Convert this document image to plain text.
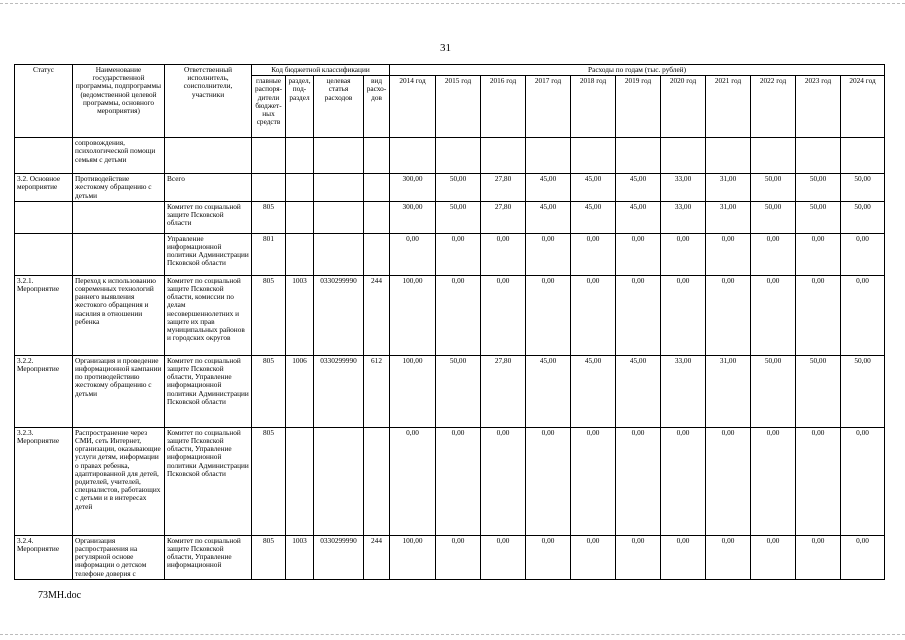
31
Статус	Наименование государственной программы, подпрограммы (ведомственной целевой программы, основного мероприятия)	Ответственный исполнитель, соисполнители, участники	Код бюджетной классификации				Расходы по годам (тыс. рублей)										
			главные распоря-дители бюджет-ных средств	раздел, под-раздел	целевая статья расходов	вид расхо-дов	2014 год	2015 год	2016 год	2017 год	2018 год	2019 год	2020 год	2021 год	2022 год	2023 год	2024 год
	сопровождения, психологической помощи семьям с детьми																
3.2. Основное мероприятие	Противодействие жестокому обращению с детьми	Всего					300,00	50,00	27,80	45,00	45,00	45,00	33,00	31,00	50,00	50,00	50,00
		Комитет по социальной защите Псковской области	805				300,00	50,00	27,80	45,00	45,00	45,00	33,00	31,00	50,00	50,00	50,00
		Управление информационной политики Администрации Псковской области	801				0,00	0,00	0,00	0,00	0,00	0,00	0,00	0,00	0,00	0,00	0,00
3.2.1. Мероприятие	Переход к использованию современных технологий раннего выявления жестокого обращения и насилия в отношении ребенка	Комитет по социальной защите Псковской области, комиссии по делам несовершеннолетних и защите их прав муниципальных районов и городских округов	805	1003	0330299990	244	100,00	0,00	0,00	0,00	0,00	0,00	0,00	0,00	0,00	0,00	0,00
3.2.2. Мероприятие	Организация и проведение информационной кампании по противодействию жестокому обращению с детьми	Комитет по социальной защите Псковской области, Управление информационной политики Администрации Псковской области	805	1006	0330299990	612	100,00	50,00	27,80	45,00	45,00	45,00	33,00	31,00	50,00	50,00	50,00
3.2.3. Мероприятие	Распространение через СМИ, сеть Интернет, организации, оказывающие услуги детям, информации о правах ребенка, адаптированной для детей, родителей, учителей, специалистов, работающих с детьми и в интересах детей	Комитет по социальной защите Псковской области, Управление информационной политики Администрации Псковской области	805				0,00	0,00	0,00	0,00	0,00	0,00	0,00	0,00	0,00	0,00	0,00
3.2.4. Мероприятие	Организация распространения на регулярной основе информации о детском телефоне доверия с	Комитет по социальной защите Псковской области, Управление информационной	805	1003	0330299990	244	100,00	0,00	0,00	0,00	0,00	0,00	0,00	0,00	0,00	0,00	0,00
73МН.doc
